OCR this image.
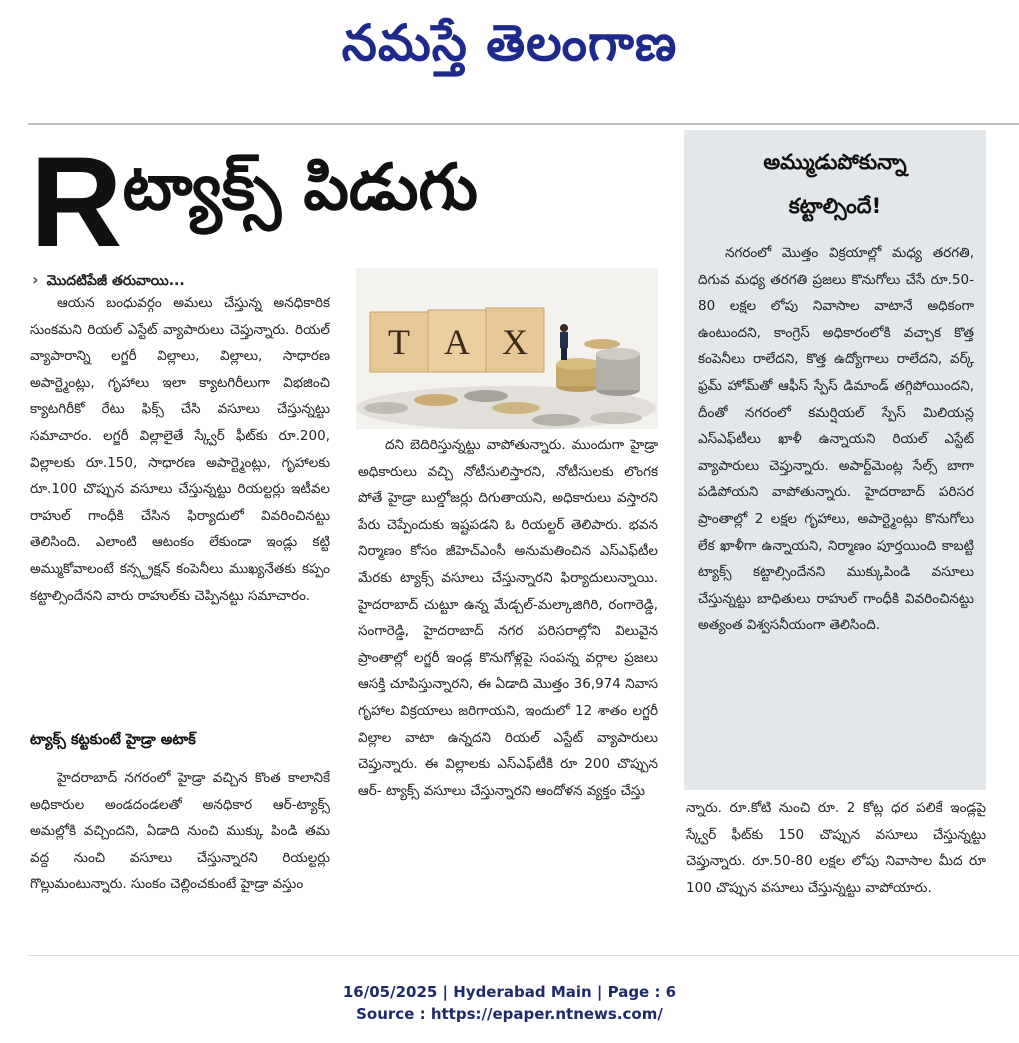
నమస్తే తెలంగాణ
Rట్యాక్స్ పిడుగు
› మొదటిపేజీ తరువాయి...

ఆయన బంధువర్గం అమలు చేస్తున్న అనధికారిక సుంకమని రియల్ ఎస్టేట్ వ్యాపారులు చెప్తున్నారు. రియల్ వ్యాపారాన్ని లగ్జరీ విల్లాలు, విల్లాలు, సాధారణ అపార్ట్మెంట్లు, గృహాలు ఇలా క్యాటగిరీలుగా విభజించి క్యాటగిరీకో రేటు ఫిక్స్ చేసి వసూలు చేస్తున్నట్టు సమాచారం. లగ్జరీ విల్లాలైతే స్క్వేర్ ఫీట్‌కు రూ.200, విల్లాలకు రూ.150, సాధారణ అపార్ట్మెంట్లు, గృహాలకు రూ.100 చొప్పున వసూలు చేస్తున్నట్టు రియల్టర్లు ఇటీవల రాహుల్ గాంధీకి చేసిన ఫిర్యాదులో వివరించినట్టు తెలిసింది. ఎలాంటి ఆటంకం లేకుండా ఇండ్లు కట్టి అమ్ముకోవాలంటే కన్స్ట్రక్షన్ కంపెనీలు ముఖ్యనేతకు కప్పం కట్టాల్సిందేనని వారు రాహుల్‌కు చెప్పినట్టు సమాచారం.

ట్యాక్స్ కట్టకుంటే హైడ్రా అటాక్

హైదరాబాద్ నగరంలో హైడ్రా వచ్చిన కొంత కాలానికే అధికారుల అండదండలతో అనధికార ఆర్-ట్యాక్స్ అమల్లోకి వచ్చిందని, ఏడాది నుంచి ముక్కు పిండి తమ వద్ద నుంచి వసూలు చేస్తున్నారని రియల్టర్లు గొల్లుమంటున్నారు. సుంకం చెల్లించకుంటే హైడ్రా వస్తుం

T A X

దని బెదిరిస్తున్నట్టు వాపోతున్నారు. ముందుగా హైడ్రా అధికారులు వచ్చి నోటీసులిస్తారని, నోటీసులకు లొంగక పోతే హైడ్రా బుల్డోజర్లు దిగుతాయని, అధికారులు వస్తారని పేరు చెప్పేందుకు ఇష్టపడని ఓ రియల్టర్ తెలిపారు. భవన నిర్మాణం కోసం జీహెచ్ఎంసీ అనుమతించిన ఎస్ఎఫ్‌టీల మేరకు ట్యాక్స్ వసూలు చేస్తున్నారని ఫిర్యాదులున్నాయి. హైదరాబాద్ చుట్టూ ఉన్న మేడ్చల్-మల్కాజిగిరి, రంగారెడ్డి, సంగారెడ్డి, హైదరాబాద్ నగర పరిసరాల్లోని విలువైన ప్రాంతాల్లో లగ్జరీ ఇండ్ల కొనుగోళ్లపై సంపన్న వర్గాల ప్రజలు ఆసక్తి చూపిస్తున్నారని, ఈ ఏడాది మొత్తం 36,974 నివాస గృహాల విక్రయాలు జరిగాయని, ఇందులో 12 శాతం లగ్జరీ విల్లాల వాటా ఉన్నదని రియల్ ఎస్టేట్ వ్యాపారులు చెప్తున్నారు. ఈ విల్లాలకు ఎస్ఎఫ్‌టీకి రూ 200 చొప్పున ఆర్- ట్యాక్స్ వసూలు చేస్తున్నారని ఆందోళన వ్యక్తం చేస్తు

అమ్ముడుపోకున్నా
కట్టాల్సిందే!

నగరంలో మొత్తం విక్రయాల్లో మధ్య తరగతి, దిగువ మధ్య తరగతి ప్రజలు కొనుగోలు చేసే రూ.50-80 లక్షల లోపు నివాసాల వాటానే అధికంగా ఉంటుందని, కాంగ్రెస్ అధికారంలోకి వచ్చాక కొత్త కంపెనీలు రాలేదని, కొత్త ఉద్యోగాలు రాలేదని, వర్క్ ఫ్రమ్ హోమ్‌తో ఆఫీస్ స్పేస్ డిమాండ్ తగ్గిపోయిందని, దీంతో నగరంలో కమర్షియల్ స్పేస్ మిలియన్ల ఎస్ఎఫ్‌టీలు ఖాళీ ఉన్నాయని రియల్ ఎస్టేట్ వ్యాపారులు చెప్తున్నారు. అపార్ట్‌మెంట్ల సేల్స్ బాగా పడిపోయని వాపోతున్నారు. హైదరాబాద్ పరిసర ప్రాంతాల్లో 2 లక్షల గృహాలు, అపార్ట్మెంట్లు కొనుగోలు లేక ఖాళీగా ఉన్నాయని, నిర్మాణం పూర్తయింది కాబట్టి ట్యాక్స్ కట్టాల్సిందేనని ముక్కుపిండి వసూలు చేస్తున్నట్టు బాధితులు రాహుల్ గాంధీకి వివరించినట్టు అత్యంత విశ్వసనీయంగా తెలిసింది.

న్నారు. రూ.కోటి నుంచి రూ. 2 కోట్ల ధర పలికే ఇండ్లపై స్క్వేర్ ఫీట్‌కు 150 చొప్పున వసూలు చేస్తున్నట్టు చెప్తున్నారు. రూ.50-80 లక్షల లోపు నివాసాల మీద రూ 100 చొప్పున వసూలు చేస్తున్నట్టు వాపోయారు.

16/05/2025 | Hyderabad Main | Page : 6
Source : https://epaper.ntnews.com/
